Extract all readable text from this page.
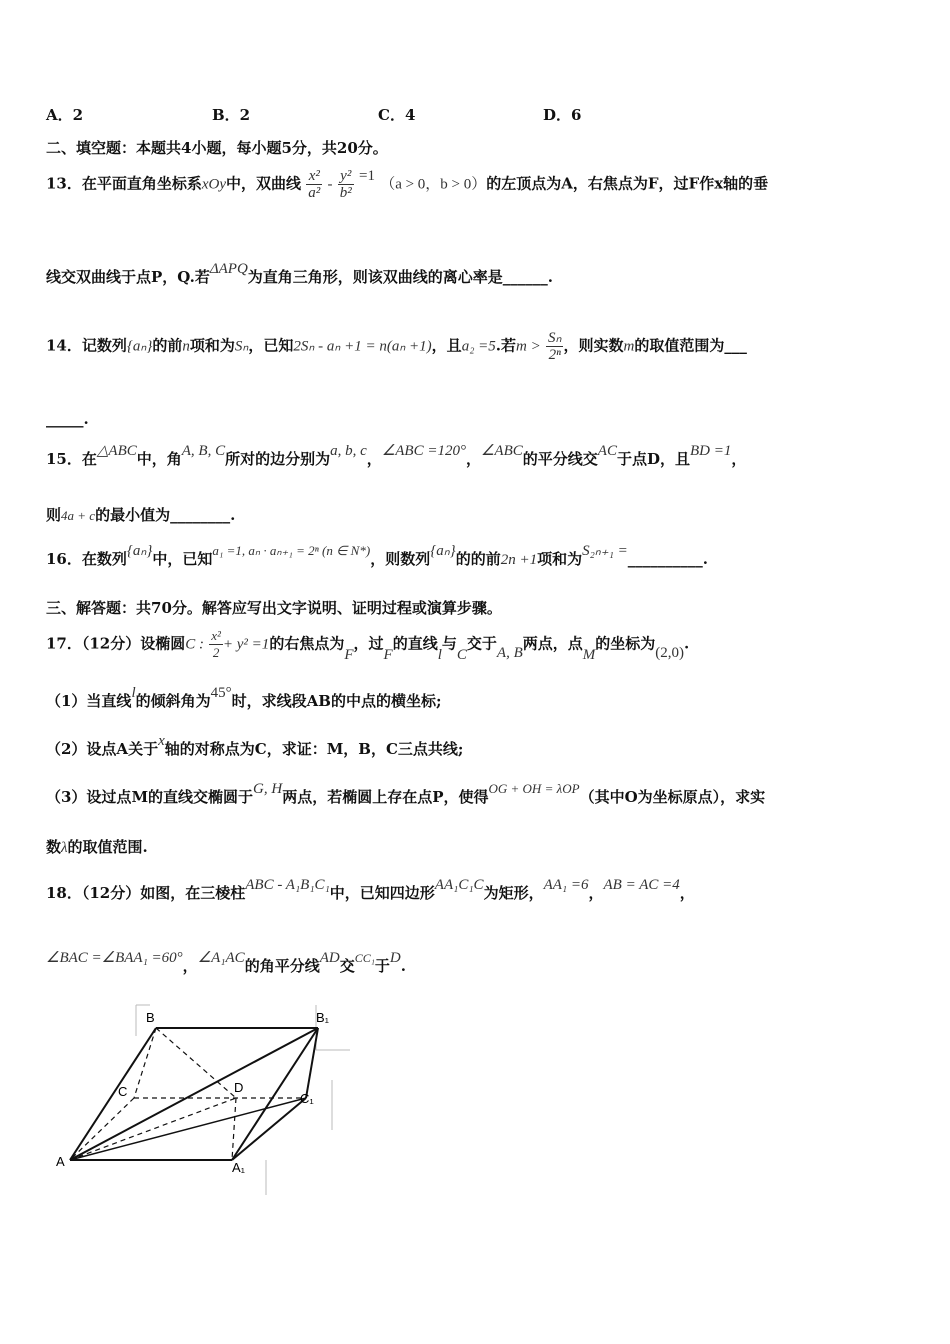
A．2	B．2	C．4	D．6
二、填空题：本题共4小题，每小题5分，共20分。
13．在平面直角坐标系xOy中，双曲线 $\frac{\text{x²}}{\text{a²}} - \frac{\text{y²}}{\text{b²}} =1$ （a > 0，b > 0）的左顶点为A，右焦点为F，过F作x轴的垂
线交双曲线于点P，Q.若ΔAPQ为直角三角形，则该双曲线的离心率是______.
14．记数列{aₙ}的前n项和为Sₙ，已知2Sₙ - aₙ +1 = n(aₙ +1)，且a₂ =5.若$m > \frac{\text{Sₙ}}{\text{2ⁿ}}$ ，则实数m的取值范围为___
_____.
15．在△ABC中，角A, B, C所对的边分别为a, b, c，∠ABC =120°，∠ABC的平分线交AC于点D，且BD =1，
则4a + c的最小值为________.
16．在数列{aₙ}中，已知a₁ =1, aₙ · aₙ₊₁ = 2ⁿ (n ∈ N*)，则数列{aₙ}的的前2n +1项和为S₂ₙ₊₁ =__________.
三、解答题：共70分。解答应写出文字说明、证明过程或演算步骤。
17．（12分）设椭圆C : $\frac{\text{x²}}{2} + y^2 =1$的右焦点为F，过F的直线l与C交于A, B两点，点M的坐标为(2,0).
（1）当直线l的倾斜角为45°时，求线段AB的中点的横坐标;
（2）设点A关于x轴的对称点为C，求证：M，B，C三点共线;
（3）设过点M的直线交椭圆于G, H两点，若椭圆上存在点P，使得OG + OH = λOP（其中O为坐标原点），求实
数λ的取值范围.
18．（12分）如图，在三棱柱ABC - A₁B₁C₁中，已知四边形AA₁C₁C为矩形，AA₁ =6，AB = AC =4，
∠BAC =∠BAA₁ =60°，∠A₁AC的角平分线AD交$^{CC_1}$于D.
B	B₁
C	D
C₁
A	A₁
